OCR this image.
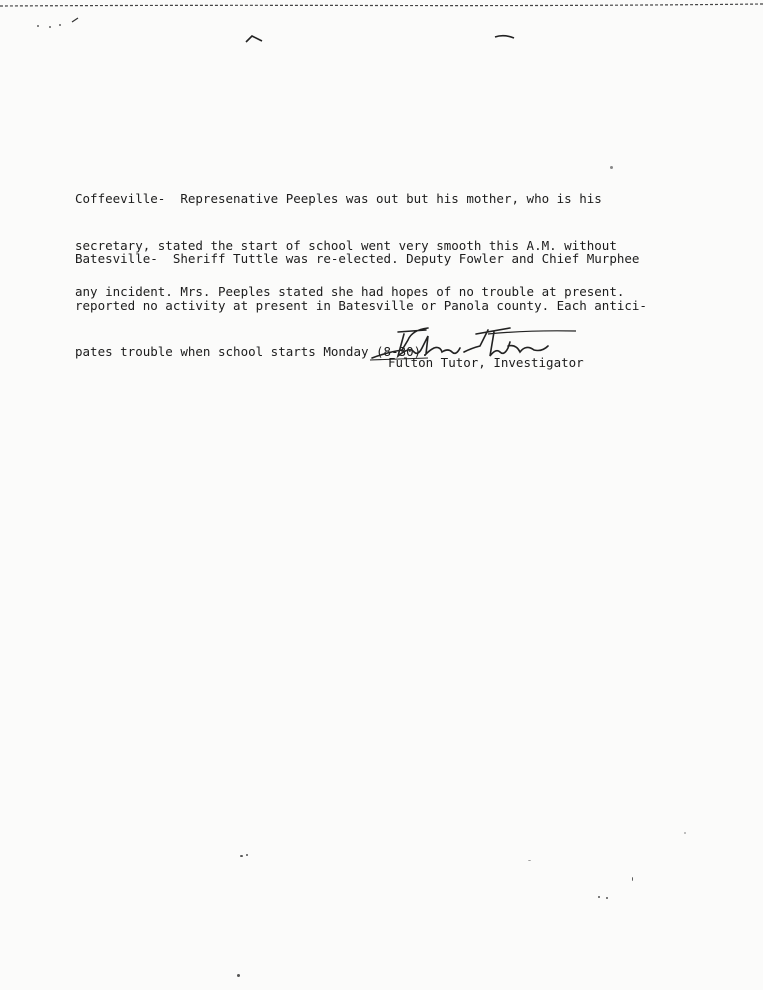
Coffeeville-  Represenative Peeples was out but his mother, who is his

secretary, stated the start of school went very smooth this A.M. without

any incident. Mrs. Peeples stated she had hopes of no trouble at present.

Batesville-  Sheriff Tuttle was re-elected. Deputy Fowler and Chief Murphee

reported no activity at present in Batesville or Panola county. Each antici-

pates trouble when school starts Monday (8-30).

Fulton Tutor, Investigator
